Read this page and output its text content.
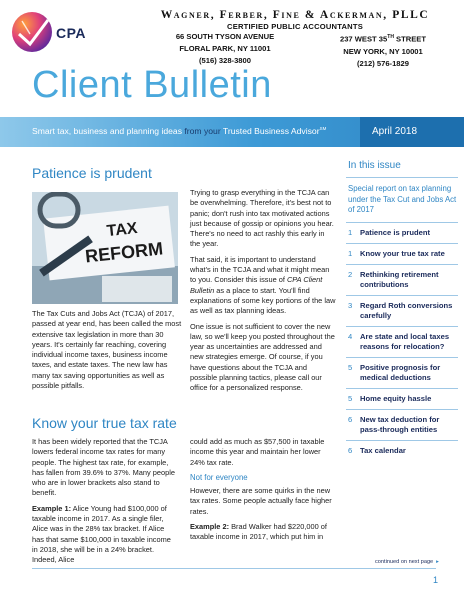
CPA
Wagner, Ferber, Fine & Ackerman, PLLC
CERTIFIED PUBLIC ACCOUNTANTS
66 SOUTH TYSON AVENUE
FLORAL PARK, NY 11001
(516) 328-3800
237 WEST 35TH STREET
NEW YORK, NY 10001
(212) 576-1829
Client Bulletin
Smart tax, business and planning ideas from your Trusted Business Advisor℠	April 2018
Patience is prudent
TAX
REFORM

The Tax Cuts and Jobs Act (TCJA) of 2017, passed at year end, has been called the most extensive tax legislation in more than 30 years. It's certainly far reaching, covering individual income taxes, business income taxes, and estate taxes. The new law has many tax saving opportunities as well as possible pitfalls.

Trying to grasp everything in the TCJA can be overwhelming. Therefore, it's best not to panic; don't rush into tax motivated actions just because of gossip or opinions you hear. There's no need to act rashly this early in the year.

That said, it is important to understand what's in the TCJA and what it might mean to you. Consider this issue of CPA Client Bulletin as a place to start. You'll find explanations of some key portions of the law as well as tax planning ideas.

One issue is not sufficient to cover the new law, so we'll keep you posted throughout the year as uncertainties are addressed and new strategies emerge. Of course, if you have questions about the TCJA and possible planning tactics, please call our office for a personalized response.

Know your true tax rate

It has been widely reported that the TCJA lowers federal income tax rates for many people. The highest tax rate, for example, has fallen from 39.6% to 37%. Many people who are in lower brackets also stand to benefit.

Example 1: Alice Young had $100,000 of taxable income in 2017. As a single filer, Alice was in the 28% tax bracket. If Alice has that same $100,000 in taxable income in 2018, she will be in a 24% bracket. Indeed, Alice

could add as much as $57,500 in taxable income this year and maintain her lower 24% tax rate.

Not for everyone

However, there are some quirks in the new tax rates. Some people actually face higher rates.

Example 2: Brad Walker had $220,000 of taxable income in 2017, which put him in

In this issue
Special report on tax planning under the Tax Cut and Jobs Act of 2017
1	Patience is prudent
1	Know your true tax rate
2	Rethinking retirement contributions
3	Regard Roth conversions carefully
4	Are state and local taxes reasons for relocation?
5	Positive prognosis for medical deductions
5	Home equity hassle
6	New tax deduction for pass-through entities
6	Tax calendar
continued on next page ▸
1
